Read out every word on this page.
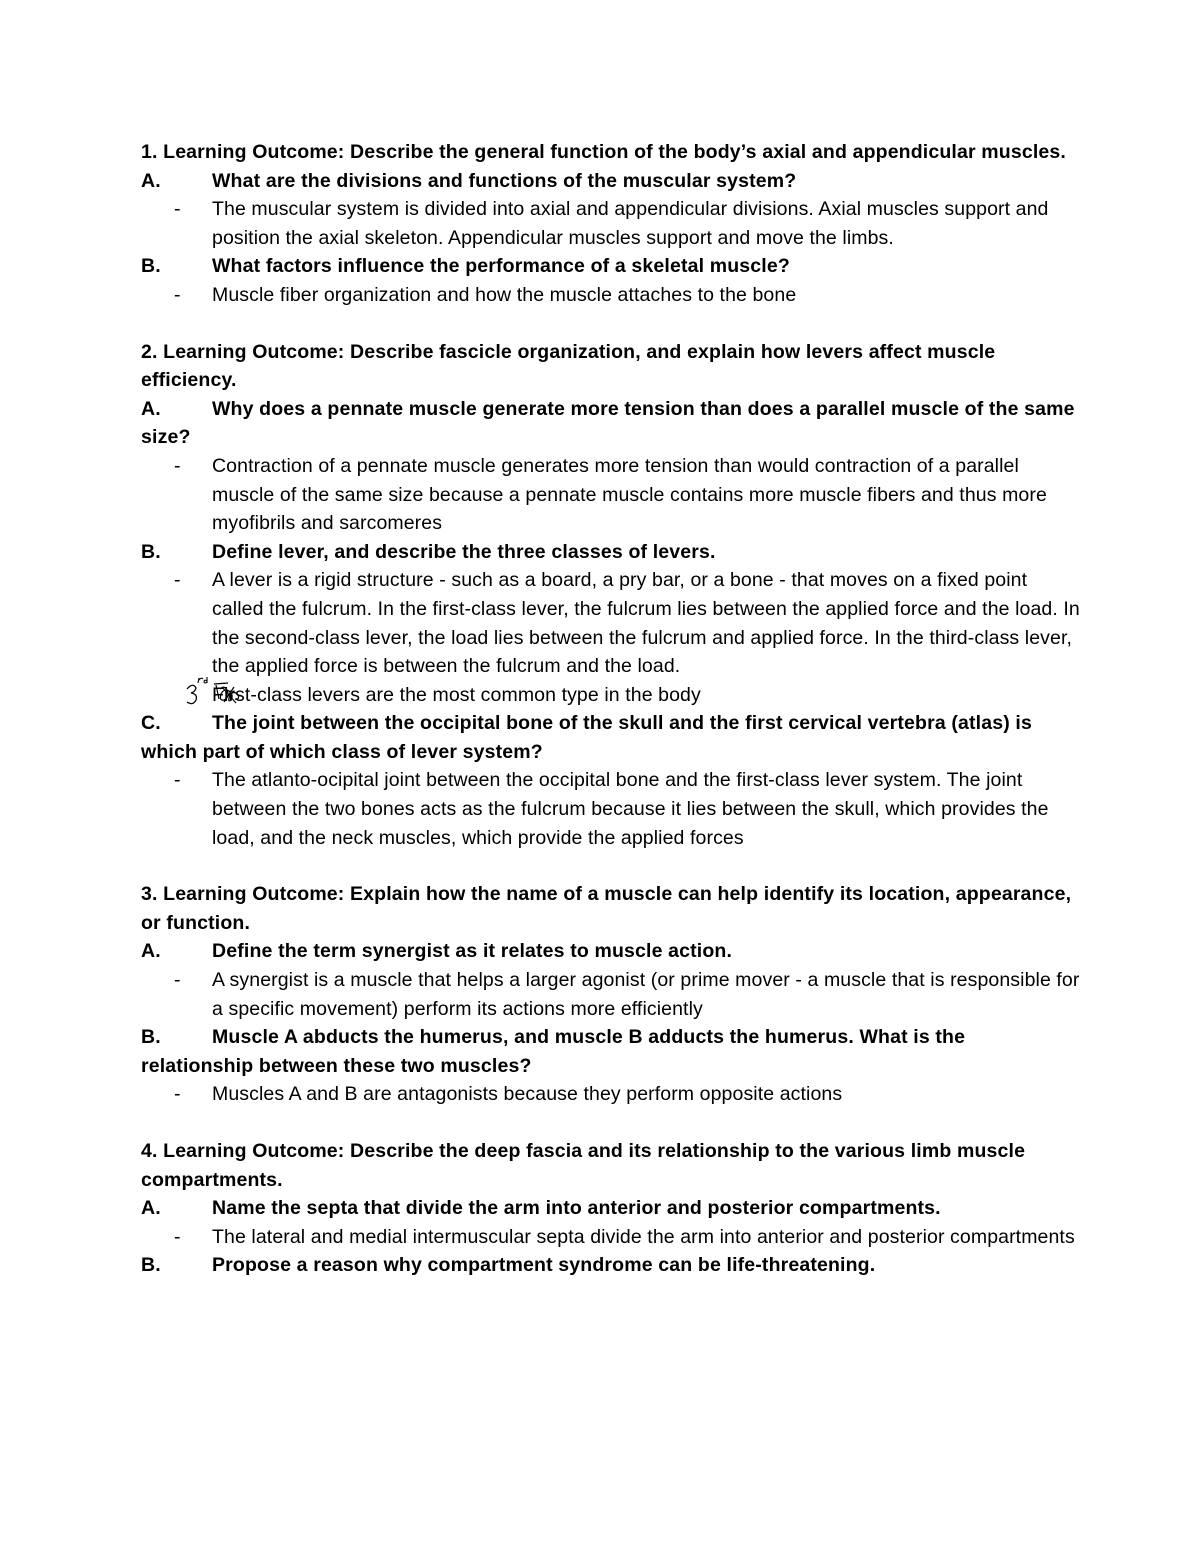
1. Learning Outcome: Describe the general function of the body’s axial and appendicular muscles.
A.	What are the divisions and functions of the muscular system?
- The muscular system is divided into axial and appendicular divisions. Axial muscles support and position the axial skeleton. Appendicular muscles support and move the limbs.

B.	What factors influence the performance of a skeletal muscle?
- Muscle fiber organization and how the muscle attaches to the bone

2. Learning Outcome: Describe fascicle organization, and explain how levers affect muscle efficiency.
A.	Why does a pennate muscle generate more tension than does a parallel muscle of the same size?
- Contraction of a pennate muscle generates more tension than would contraction of a parallel muscle of the same size because a pennate muscle contains more muscle fibers and thus more myofibrils and sarcomeres

B.	Define lever, and describe the three classes of levers.
- A lever is a rigid structure - such as a board, a pry bar, or a bone - that moves on a fixed point called the fulcrum. In the first-class lever, the fulcrum lies between the applied force and the load. In the second-class lever, the load lies between the fulcrum and applied force. In the third-class lever, the applied force is between the fulcrum and the load.

First-class levers are the most common type in the body

C.	The joint between the occipital bone of the skull and the first cervical vertebra (atlas) is which part of which class of lever system?
- The atlanto-ocipital joint between the occipital bone and the first-class lever system. The joint between the two bones acts as the fulcrum because it lies between the skull, which provides the load, and the neck muscles, which provide the applied forces

3. Learning Outcome: Explain how the name of a muscle can help identify its location, appearance, or function.
A.	Define the term synergist as it relates to muscle action.
- A synergist is a muscle that helps a larger agonist (or prime mover - a muscle that is responsible for a specific movement) perform its actions more efficiently

B.	Muscle A abducts the humerus, and muscle B adducts the humerus. What is the relationship between these two muscles?
- Muscles A and B are antagonists because they perform opposite actions

4. Learning Outcome: Describe the deep fascia and its relationship to the various limb muscle compartments.
A.	Name the septa that divide the arm into anterior and posterior compartments.
- The lateral and medial intermuscular septa divide the arm into anterior and posterior compartments

B.	Propose a reason why compartment syndrome can be life-threatening.
